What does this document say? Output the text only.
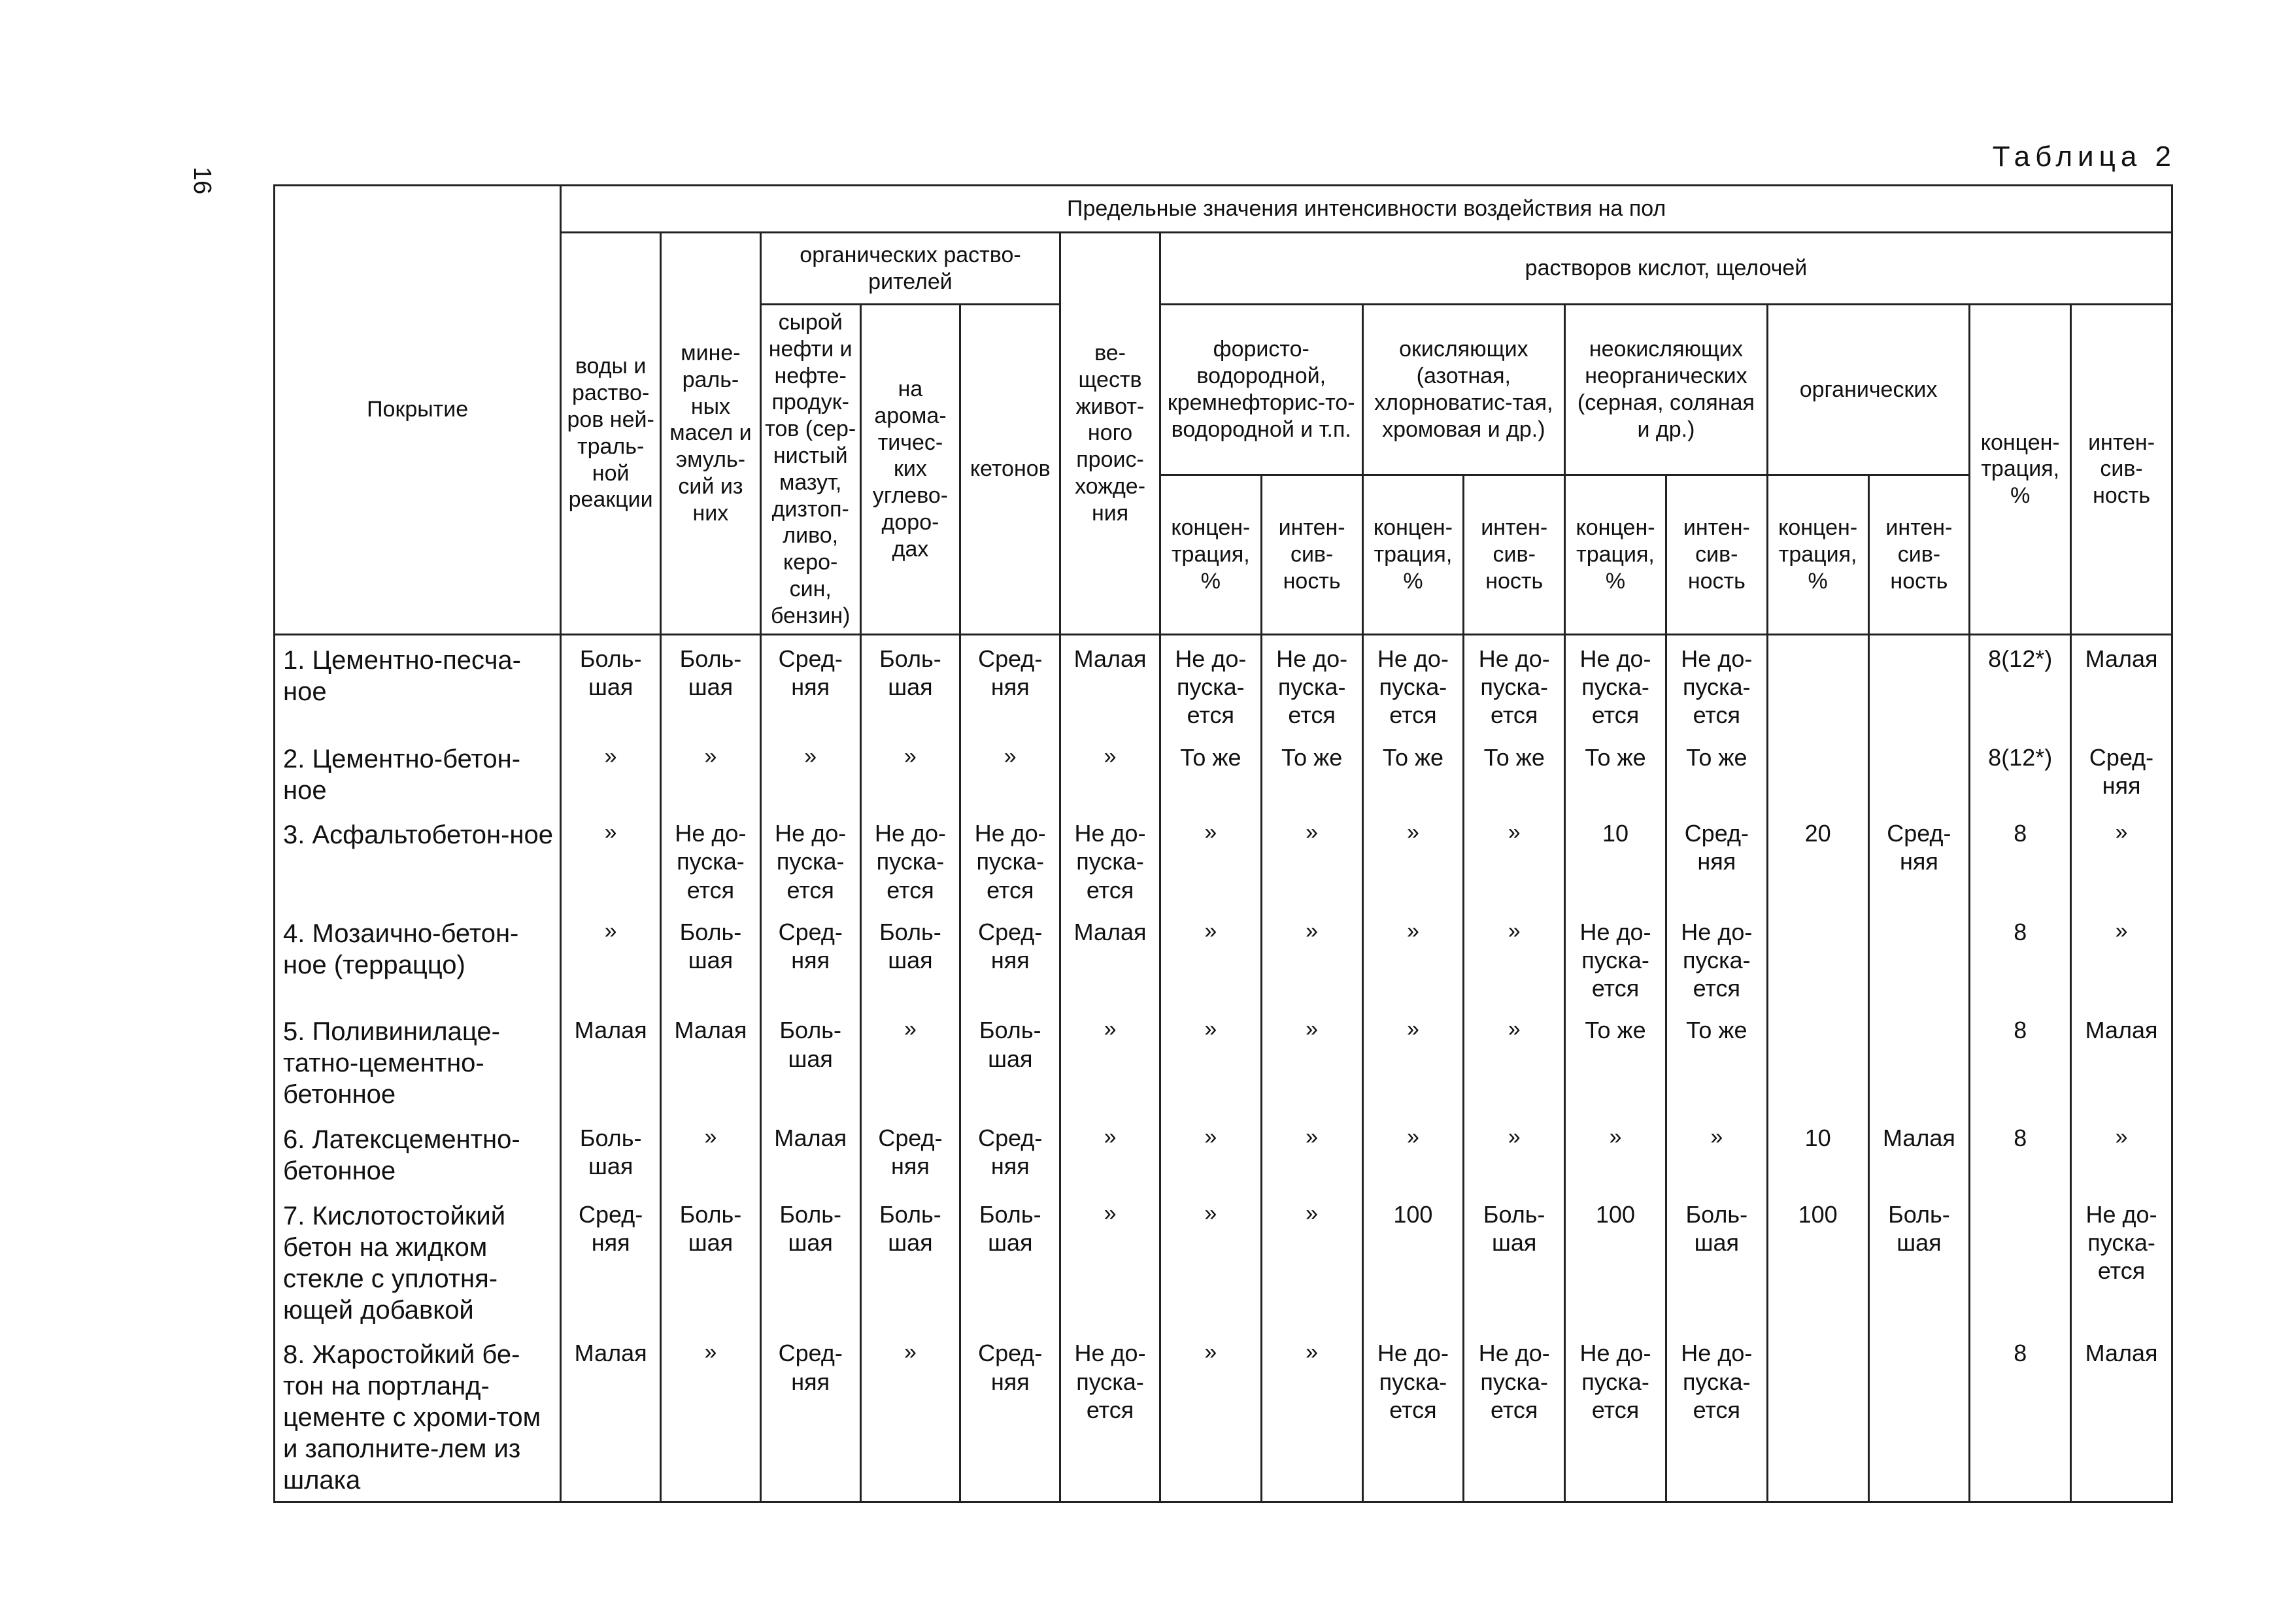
16
Таблица 2
Покрытие	Предельные значения интенсивности воздействия на пол															
	воды и раство-ров ней-траль-ной реакции	мине-раль-ных масел и эмуль-сий из них	органических раство-рителей			ве-ществ живот-ного проис-хожде-ния	растворов кислот, щелочей									
			сырой нефти и нефте-продук-тов (сер-нистый мазут, дизтоп-ливо, керо-син, бензин)	на арома-тичес-ких углево-доро-дах	кетонов		фористо-водородной, кремнефторис-то-водородной и т.п.		окисляющих (азотная, хлорноватис-тая, хромовая и др.)		неокисляющих неорганических (серная, соляная и др.)		органических		концен-трация, %	интен-сив-ность
							концен-трация, %	интен-сив-ность	концен-трация, %	интен-сив-ность	концен-трация, %	интен-сив-ность	концен-трация, %	интен-сив-ность		

1. Цементно-песча-ное	Боль-шая	Боль-шая	Сред-няя	Боль-шая	Сред-няя	Малая	Не до-пуска-ется	Не до-пуска-ется	Не до-пуска-ется	Не до-пуска-ется	Не до-пуска-ется	Не до-пуска-ется			8(12*)	Малая
2. Цементно-бетон-ное	»	»	»	»	»	»	То же	То же	То же	То же	То же	То же			8(12*)	Сред-няя
3. Асфальтобетон-ное	»	Не до-пуска-ется	Не до-пуска-ется	Не до-пуска-ется	Не до-пуска-ется	Не до-пуска-ется	»	»	»	»	10	Сред-няя	20	Сред-няя	8	»
4. Мозаично-бетон-ное (терраццо)	»	Боль-шая	Сред-няя	Боль-шая	Сред-няя	Малая	»	»	»	»	Не до-пуска-ется	Не до-пуска-ется			8	»
5. Поливинилаце-татно-цементно-бетонное	Малая	Малая	Боль-шая	»	Боль-шая	»	»	»	»	»	То же	То же			8	Малая
6. Латексцементно-бетонное	Боль-шая	»	Малая	Сред-няя	Сред-няя	»	»	»	»	»	»	»	10	Малая	8	»
7. Кислотостойкий бетон на жидком стекле с уплотня-ющей добавкой	Сред-няя	Боль-шая	Боль-шая	Боль-шая	Боль-шая	»	»	»	100	Боль-шая	100	Боль-шая	100	Боль-шая		Не до-пуска-ется
8. Жаростойкий бе-тон на портланд-цементе с хроми-том и заполните-лем из шлака	Малая	»	Сред-няя	»	Сред-няя	Не до-пуска-ется	»	»	Не до-пуска-ется	Не до-пуска-ется	Не до-пуска-ется	Не до-пуска-ется			8	Малая
